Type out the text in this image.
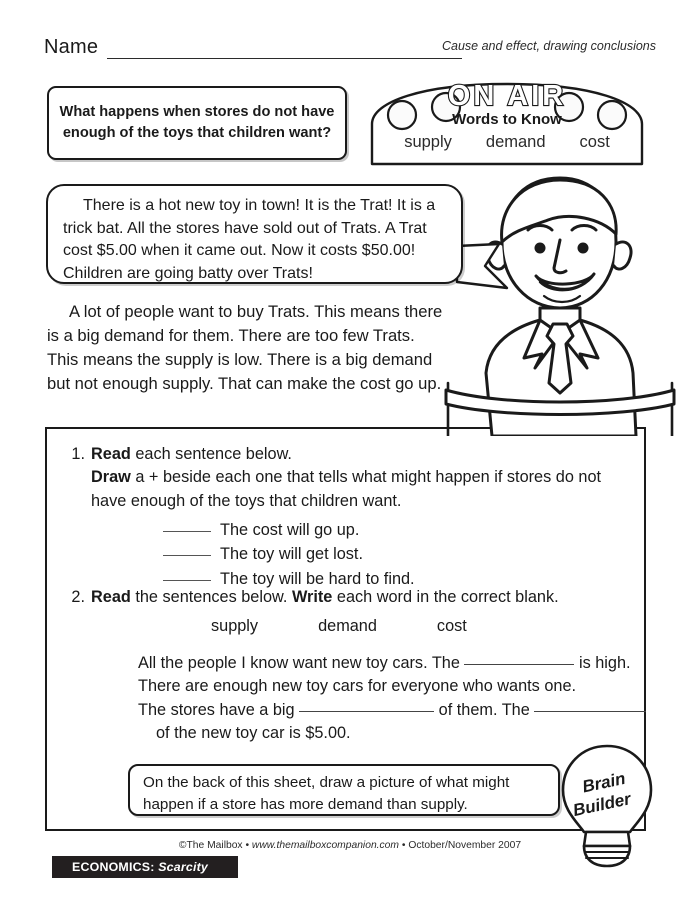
Name	Cause and effect, drawing conclusions
What happens when stores do not have enough of the toys that children want?
ON AIR
Words to Know
supply demand cost

There is a hot new toy in town! It is the Trat! It is a trick bat. All the stores have sold out of Trats. A Trat cost $5.00 when it came out. Now it costs $50.00! Children are going batty over Trats!

A lot of people want to buy Trats. This means there is a big demand for them. There are too few Trats. This means the supply is low. There is a big demand but not enough supply. That can make the cost go up.

1. Read each sentence below.
Draw a + beside each one that tells what might happen if stores do not have enough of the toys that children want.
The cost will go up.
The toy will get lost.
The toy will be hard to find.
2. Read the sentences below. Write each word in the correct blank.
supply	demand	cost
All the people I know want new toy cars. The	is high.
There are enough new toy cars for everyone who wants one.
The stores have a big	of them. The
of the new toy car is $5.00.

On the back of this sheet, draw a picture of what might happen if a store has more demand than supply.

Brain
Builder
©The Mailbox • www.themailboxcompanion.com • October/November 2007
ECONOMICS: Scarcity
